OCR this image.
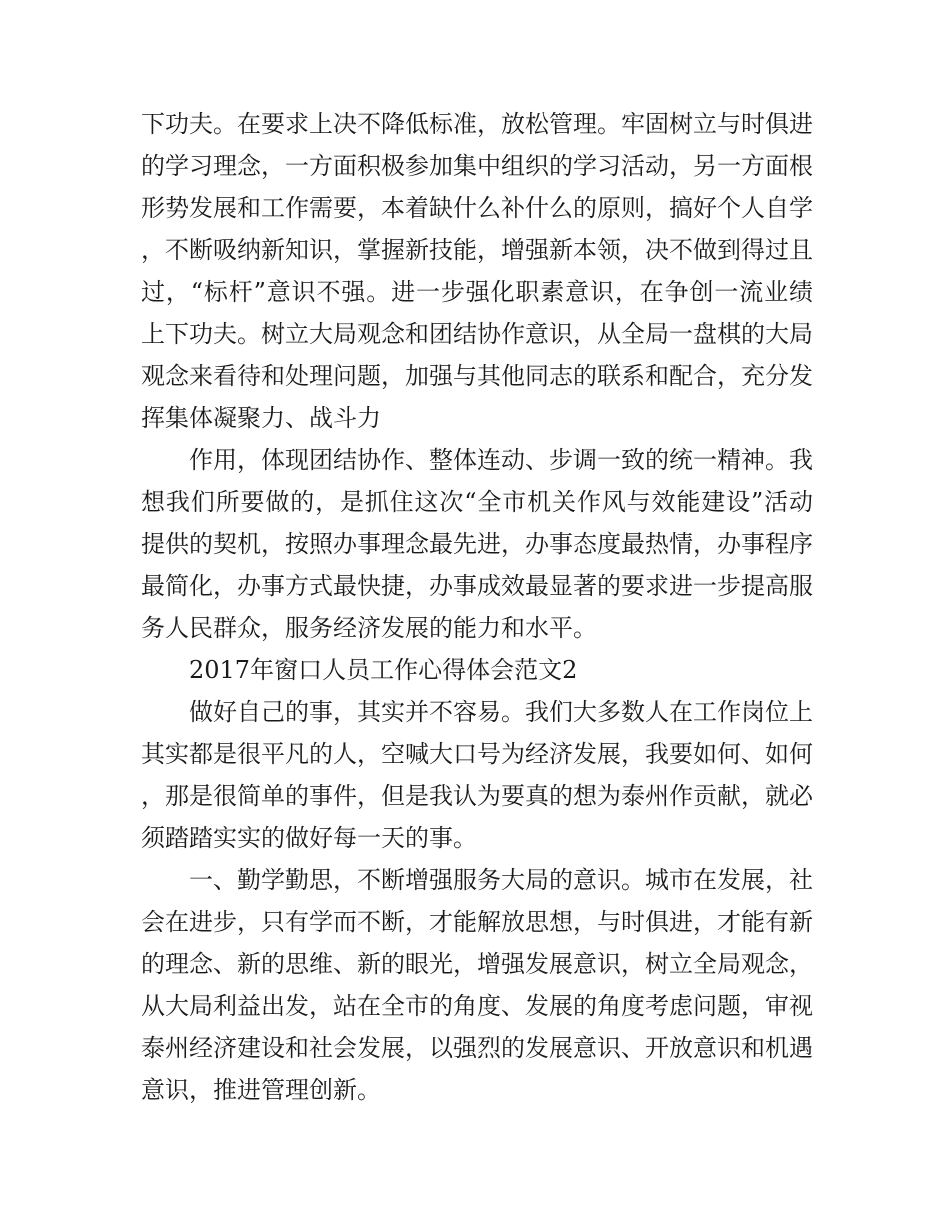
下功夫。在要求上决不降低标准，放松管理。牢固树立与时俱进的学习理念，一方面积极参加集中组织的学习活动，另一方面根形势发展和工作需要，本着缺什么补什么的原则，搞好个人自学，不断吸纳新知识，掌握新技能，增强新本领，决不做到得过且过，“标杆”意识不强。进一步强化职素意识，在争创一流业绩上下功夫。树立大局观念和团结协作意识，从全局一盘棋的大局观念来看待和处理问题，加强与其他同志的联系和配合，充分发挥集体凝聚力、战斗力

作用，体现团结协作、整体连动、步调一致的统一精神。我想我们所要做的，是抓住这次“全市机关作风与效能建设”活动提供的契机，按照办事理念最先进，办事态度最热情，办事程序最简化，办事方式最快捷，办事成效最显著的要求进一步提高服务人民群众，服务经济发展的能力和水平。

2017年窗口人员工作心得体会范文2

做好自己的事，其实并不容易。我们大多数人在工作岗位上其实都是很平凡的人，空喊大口号为经济发展，我要如何、如何，那是很简单的事件，但是我认为要真的想为泰州作贡献，就必须踏踏实实的做好每一天的事。

一、勤学勤思，不断增强服务大局的意识。城市在发展，社会在进步，只有学而不断，才能解放思想，与时俱进，才能有新的理念、新的思维、新的眼光，增强发展意识，树立全局观念，从大局利益出发，站在全市的角度、发展的角度考虑问题，审视泰州经济建设和社会发展，以强烈的发展意识、开放意识和机遇意识，推进管理创新。
